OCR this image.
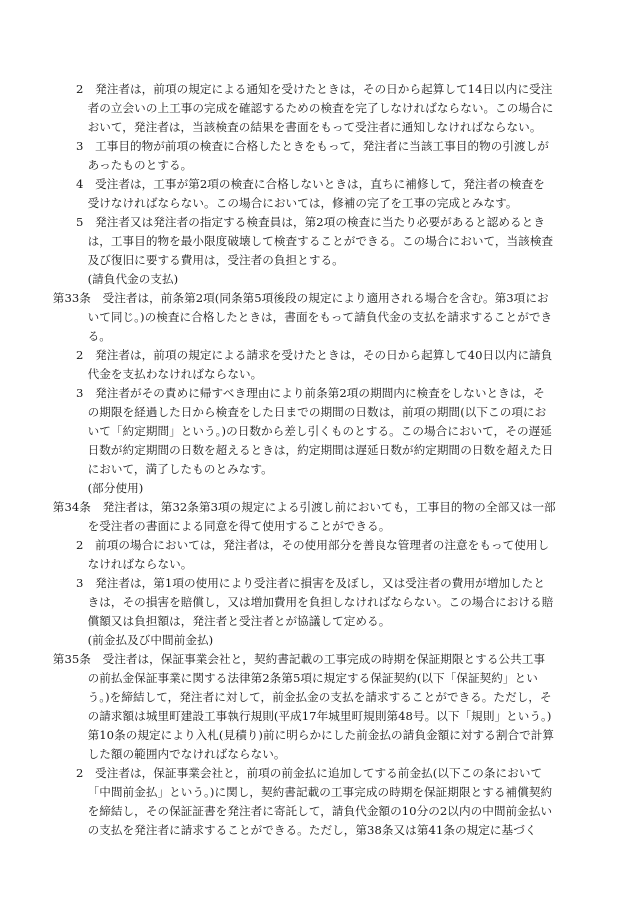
2　発注者は，前項の規定による通知を受けたときは，その日から起算して14日以内に受注者の立会いの上工事の完成を確認するための検査を完了しなければならない。この場合において，発注者は，当該検査の結果を書面をもって受注者に通知しなければならない。

3　工事目的物が前項の検査に合格したときをもって，発注者に当該工事目的物の引渡しがあったものとする。

4　受注者は，工事が第2項の検査に合格しないときは，直ちに補修して，発注者の検査を受けなければならない。この場合においては，修補の完了を工事の完成とみなす。

5　発注者又は発注者の指定する検査員は，第2項の検査に当たり必要があると認めるときは，工事目的物を最小限度破壊して検査することができる。この場合において，当該検査及び復旧に要する費用は，受注者の負担とする。

(請負代金の支払)

第33条　受注者は，前条第2項(同条第5項後段の規定により適用される場合を含む。第3項において同じ。)の検査に合格したときは，書面をもって請負代金の支払を請求することができる。

2　発注者は，前項の規定による請求を受けたときは，その日から起算して40日以内に請負代金を支払わなければならない。

3　発注者がその責めに帰すべき理由により前条第2項の期間内に検査をしないときは，その期限を経過した日から検査をした日までの期間の日数は，前項の期間(以下この項において「約定期間」という。)の日数から差し引くものとする。この場合において，その遅延日数が約定期間の日数を超えるときは，約定期間は遅延日数が約定期間の日数を超えた日において，満了したものとみなす。

(部分使用)

第34条　発注者は，第32条第3項の規定による引渡し前においても，工事目的物の全部又は一部を受注者の書面による同意を得て使用することができる。

2　前項の場合においては，発注者は，その使用部分を善良な管理者の注意をもって使用しなければならない。

3　発注者は，第1項の使用により受注者に損害を及ぼし，又は受注者の費用が増加したときは，その損害を賠償し，又は増加費用を負担しなければならない。この場合における賠償額又は負担額は，発注者と受注者とが協議して定める。

(前金払及び中間前金払)

第35条　受注者は，保証事業会社と，契約書記載の工事完成の時期を保証期限とする公共工事の前払金保証事業に関する法律第2条第5項に規定する保証契約(以下「保証契約」という。)を締結して，発注者に対して，前金払金の支払を請求することができる。ただし，その請求額は城里町建設工事執行規則(平成17年城里町規則第48号。以下「規則」という。)第10条の規定により入札(見積り)前に明らかにした前金払の請負金額に対する割合で計算した額の範囲内でなければならない。

2　受注者は，保証事業会社と，前項の前金払に追加してする前金払(以下この条において「中間前金払」という。)に関し，契約書記載の工事完成の時期を保証期限とする補償契約を締結し，その保証証書を発注者に寄託して，請負代金額の10分の2以内の中間前金払いの支払を発注者に請求することができる。ただし，第38条又は第41条の規定に基づく
